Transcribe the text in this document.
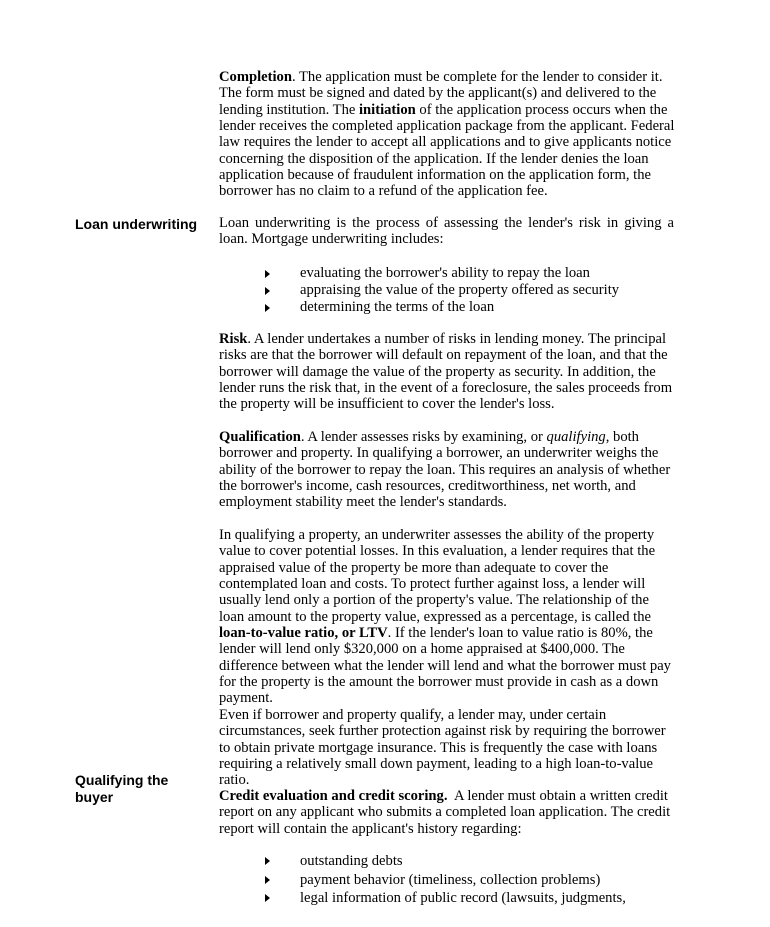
Completion. The application must be complete for the lender to consider it. The form must be signed and dated by the applicant(s) and delivered to the lending institution. The initiation of the application process occurs when the lender receives the completed application package from the applicant. Federal law requires the lender to accept all applications and to give applicants notice concerning the disposition of the application. If the lender denies the loan application because of fraudulent information on the application form, the borrower has no claim to a refund of the application fee.

Loan underwriting	Loan underwriting is the process of assessing the lender's risk in giving a loan. Mortgage underwriting includes:

evaluating the borrower's ability to repay the loan
appraising the value of the property offered as security
determining the terms of the loan

Risk. A lender undertakes a number of risks in lending money. The principal risks are that the borrower will default on repayment of the loan, and that the borrower will damage the value of the property as security. In addition, the lender runs the risk that, in the event of a foreclosure, the sales proceeds from the property will be insufficient to cover the lender's loss.

Qualification. A lender assesses risks by examining, or qualifying, both borrower and property. In qualifying a borrower, an underwriter weighs the ability of the borrower to repay the loan. This requires an analysis of whether the borrower's income, cash resources, creditworthiness, net worth, and employment stability meet the lender's standards.

In qualifying a property, an underwriter assesses the ability of the property value to cover potential losses. In this evaluation, a lender requires that the appraised value of the property be more than adequate to cover the contemplated loan and costs. To protect further against loss, a lender will usually lend only a portion of the property's value. The relationship of the loan amount to the property value, expressed as a percentage, is called the loan-to-value ratio, or LTV. If the lender's loan to value ratio is 80%, the lender will lend only $320,000 on a home appraised at $400,000. The difference between what the lender will lend and what the borrower must pay for the property is the amount the borrower must provide in cash as a down payment.

Even if borrower and property qualify, a lender may, under certain circumstances, seek further protection against risk by requiring the borrower to obtain private mortgage insurance. This is frequently the case with loans requiring a relatively small down payment, leading to a high loan-to-value ratio.

Qualifying the
buyer	Credit evaluation and credit scoring.  A lender must obtain a written credit report on any applicant who submits a completed loan application. The credit report will contain the applicant's history regarding:

outstanding debts
payment behavior (timeliness, collection problems)
legal information of public record (lawsuits, judgments,
